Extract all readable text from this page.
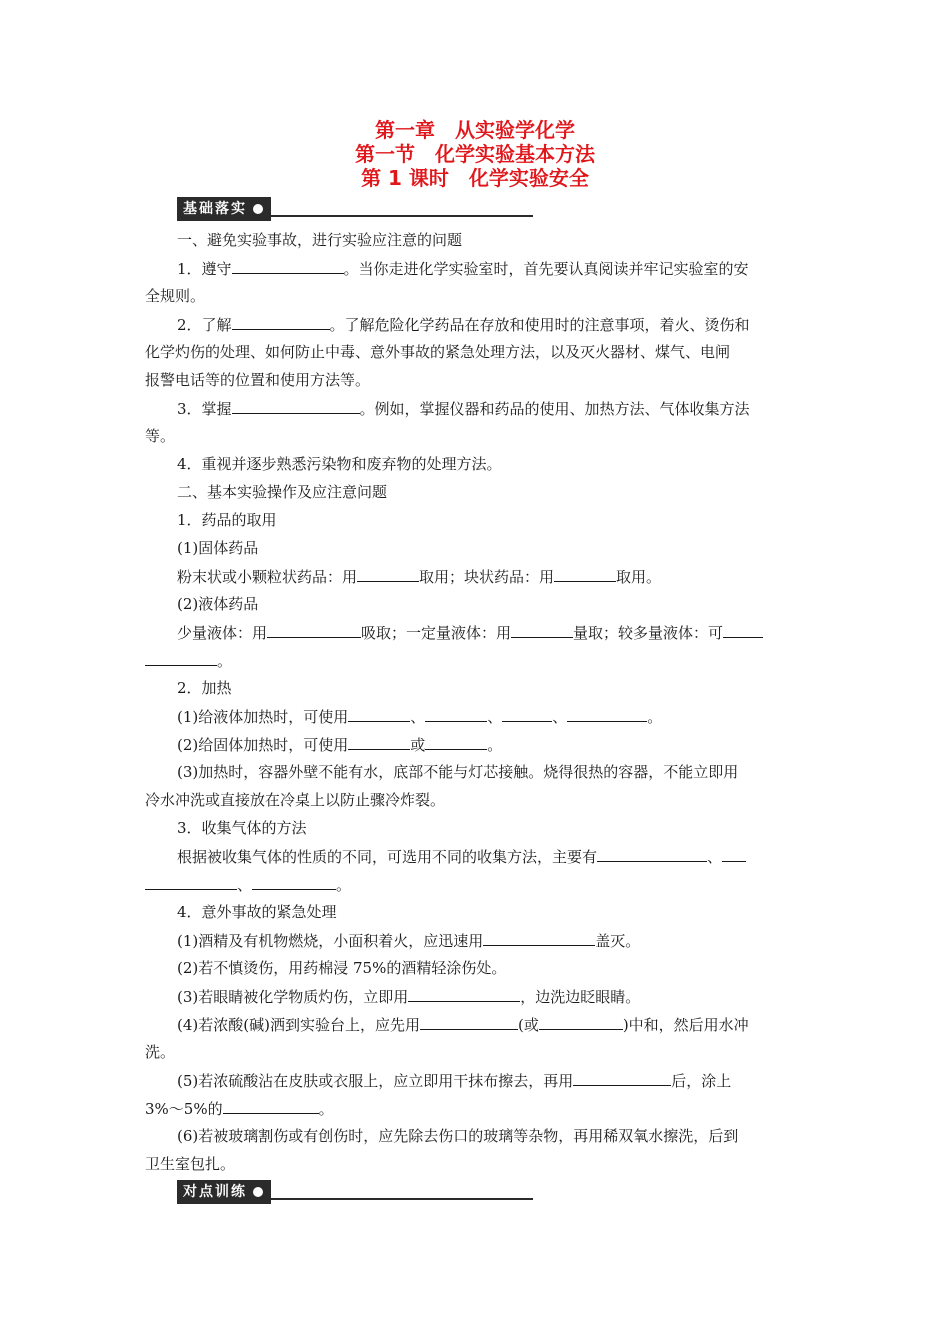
第一章　从实验学化学
第一节　化学实验基本方法
第 1 课时　化学实验安全
基础落实
一、避免实验事故，进行实验应注意的问题
1．遵守	。当你走进化学实验室时，首先要认真阅读并牢记实验室的安
全规则。
2．了解	。了解危险化学药品在存放和使用时的注意事项，着火、烫伤和
化学灼伤的处理、如何防止中毒、意外事故的紧急处理方法，以及灭火器材、煤气、电闸
报警电话等的位置和使用方法等。
3．掌握	。例如，掌握仪器和药品的使用、加热方法、气体收集方法
等。
4．重视并逐步熟悉污染物和废弃物的处理方法。
二、基本实验操作及应注意问题
1．药品的取用
(1)固体药品
粉末状或小颗粒状药品：用	取用；块状药品：用	取用。
(2)液体药品
少量液体：用	吸取；一定量液体：用	量取；较多量液体：可
。
2．加热
(1)给液体加热时，可使用	、	、	、	。
(2)给固体加热时，可使用	或	。
(3)加热时，容器外壁不能有水，底部不能与灯芯接触。烧得很热的容器，不能立即用
冷水冲洗或直接放在冷桌上以防止骤冷炸裂。
3．收集气体的方法
根据被收集气体的性质的不同，可选用不同的收集方法，主要有	、
、	。
4．意外事故的紧急处理
(1)酒精及有机物燃烧，小面积着火，应迅速用	盖灭。
(2)若不慎烫伤，用药棉浸 75%的酒精轻涂伤处。
(3)若眼睛被化学物质灼伤，立即用	，边洗边眨眼睛。
(4)若浓酸(碱)洒到实验台上，应先用	(或	)中和，然后用水冲
洗。
(5)若浓硫酸沾在皮肤或衣服上，应立即用干抹布擦去，再用	后，涂上
3%～5%的	。
(6)若被玻璃割伤或有创伤时，应先除去伤口的玻璃等杂物，再用稀双氧水擦洗，后到
卫生室包扎。
对点训练
